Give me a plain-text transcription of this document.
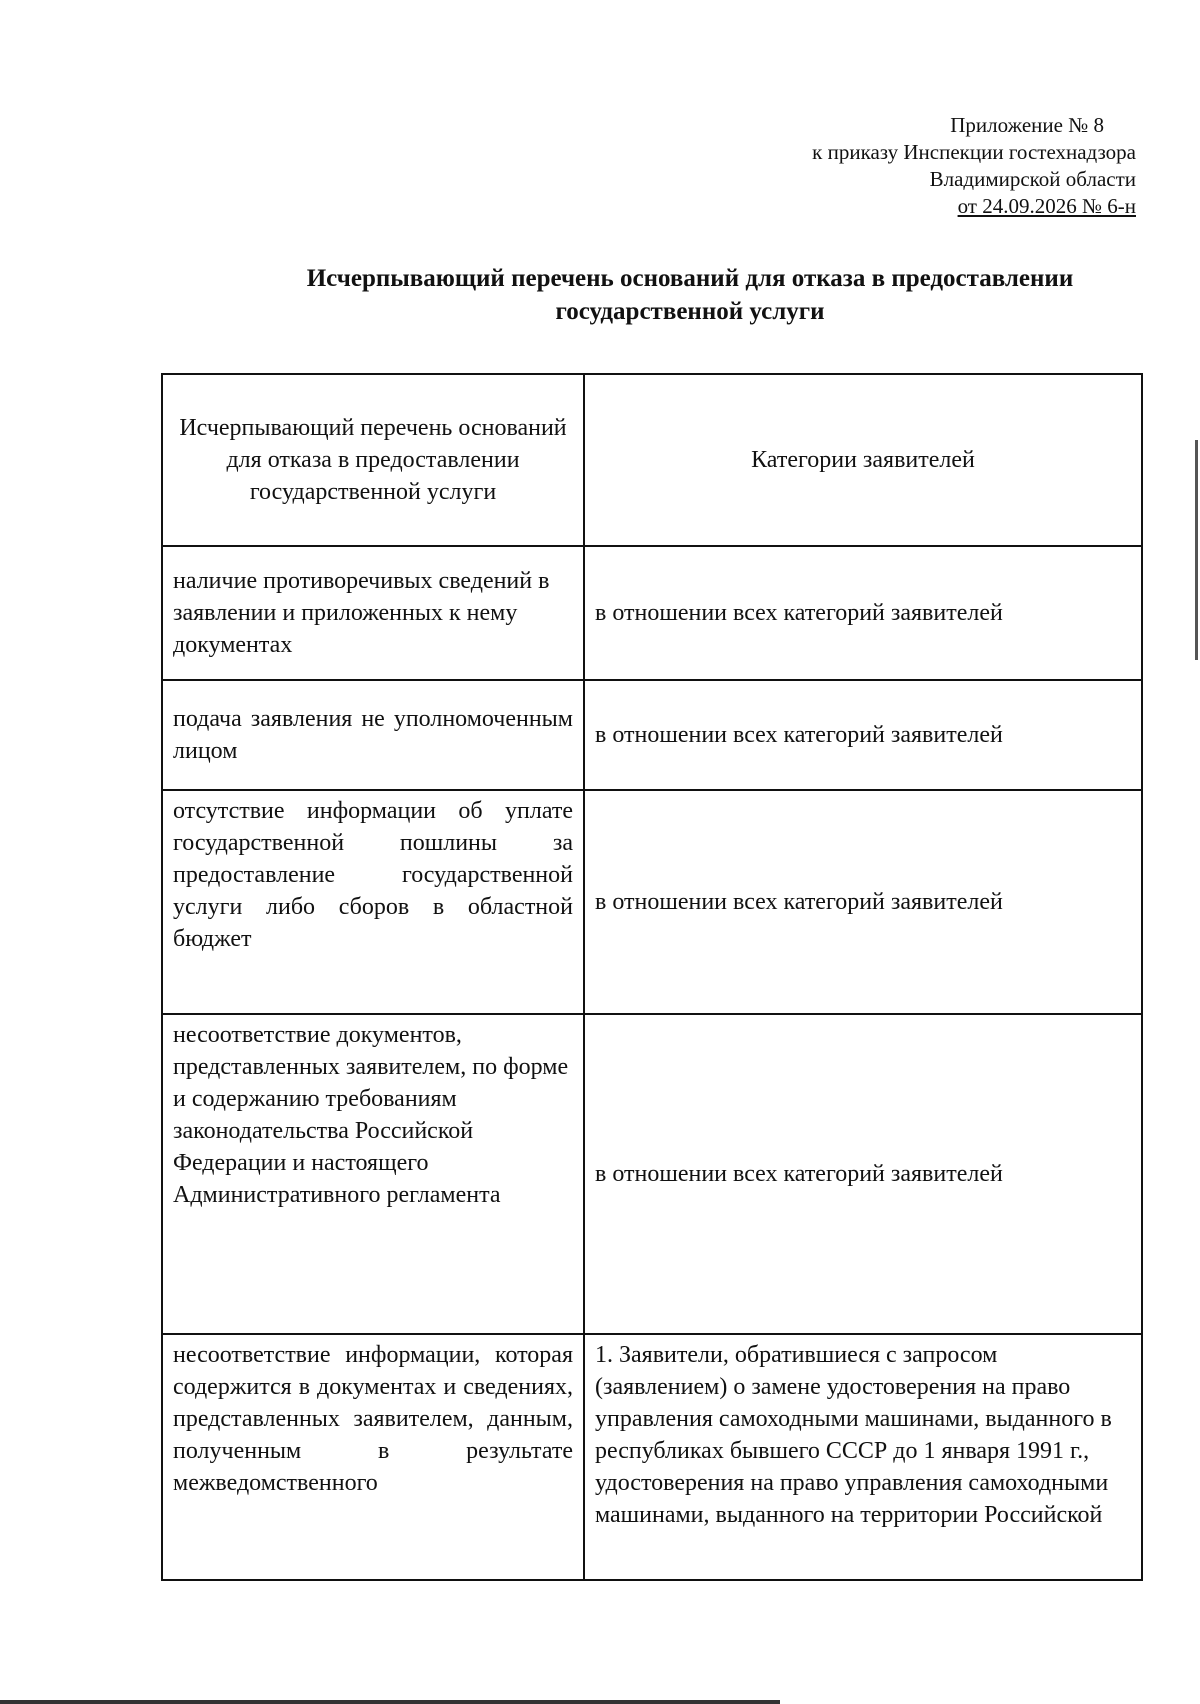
Приложение № 8
к приказу Инспекции гостехнадзора
Владимирской области
от 24.09.2026 № 6-н
Исчерпывающий перечень оснований для отказа в предоставлении
государственной услуги
Исчерпывающий перечень оснований для отказа в предоставлении государственной услуги	Категории заявителей
наличие противоречивых сведений в заявлении и приложенных к нему документах	в отношении всех категорий заявителей
подача заявления не уполномоченным лицом	в отношении всех категорий заявителей
отсутствие информации об уплате государственной пошлины за предоставление государственной услуги либо сборов в областной бюджет	в отношении всех категорий заявителей
несоответствие документов, представленных заявителем, по форме и содержанию требованиям законодательства Российской Федерации и настоящего Административного регламента	в отношении всех категорий заявителей
несоответствие информации, которая содержится в документах и сведениях, представленных заявителем, данным, полученным в результате межведомственного	1. Заявители, обратившиеся с запросом (заявлением) о замене удостоверения на право управления самоходными машинами, выданного в республиках бывшего СССР до 1 января 1991 г., удостоверения на право управления самоходными машинами, выданного на территории Российской
